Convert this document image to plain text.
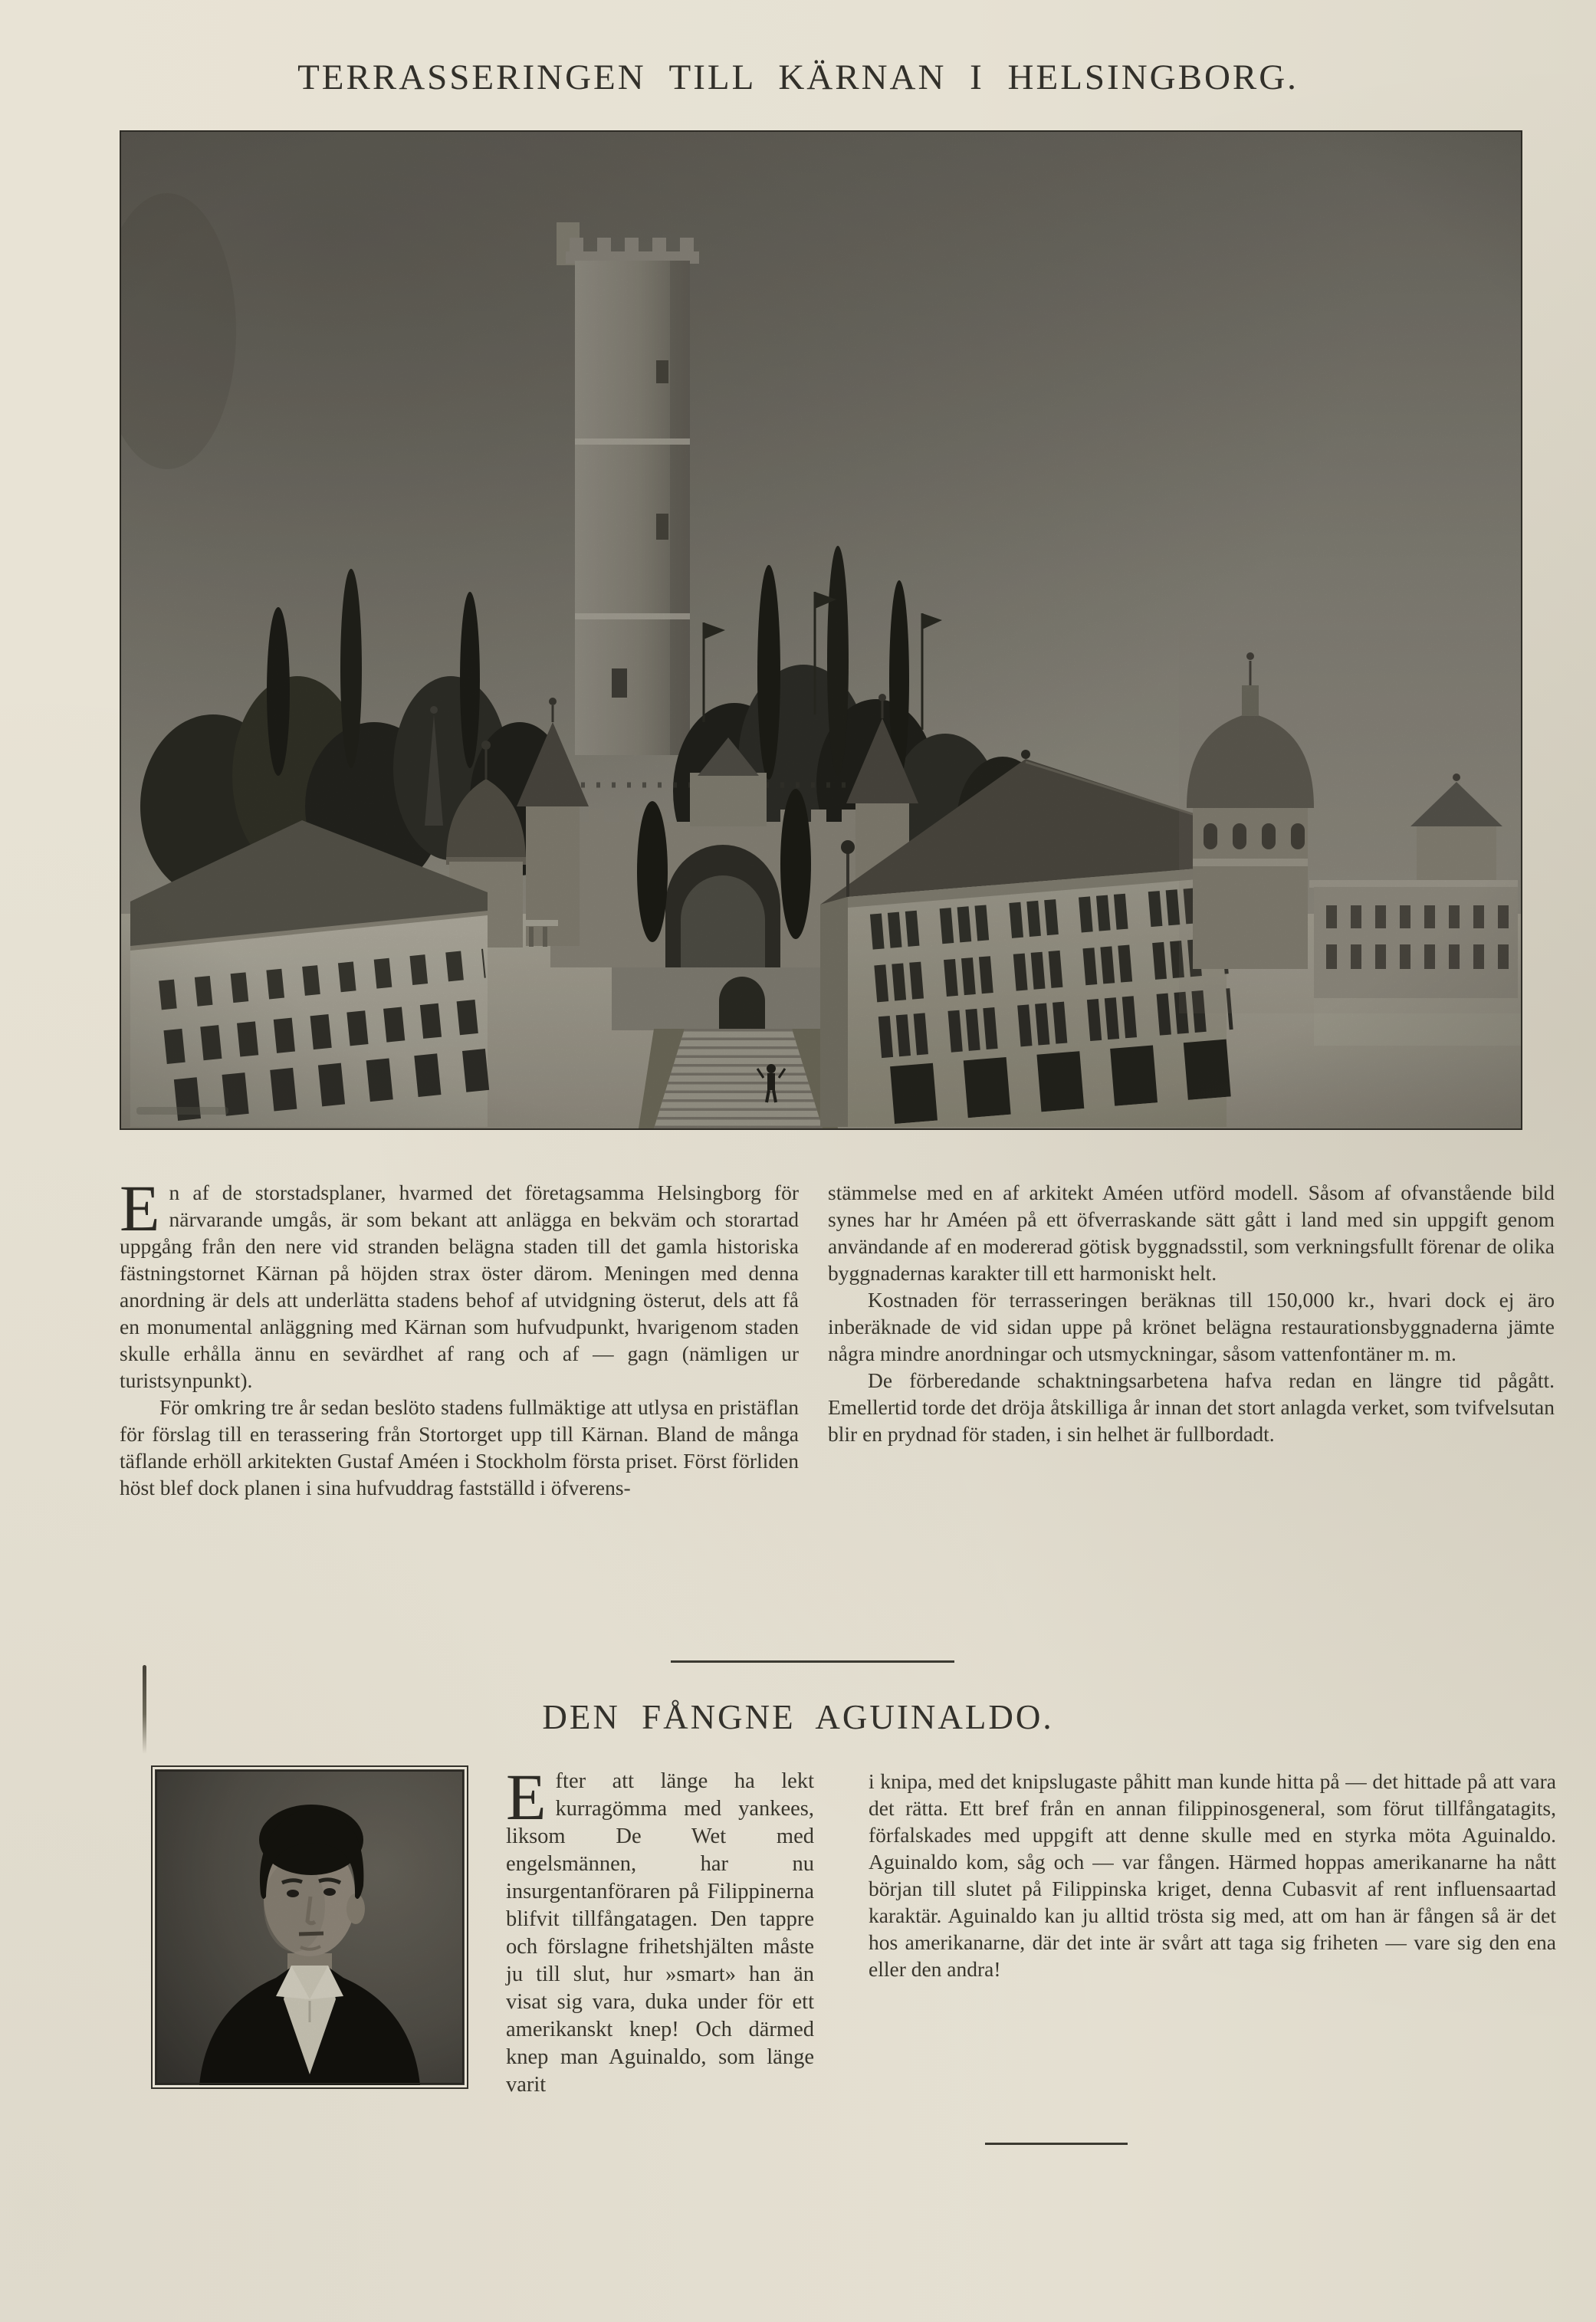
TERRASSERINGEN TILL KÄRNAN I HELSINGBORG.

En af de storstadsplaner, hvarmed det företagsamma Helsingborg för närvarande umgås, är som bekant att anlägga en bekväm och storartad uppgång från den nere vid stranden belägna staden till det gamla historiska fästningstornet Kärnan på höjden strax öster därom. Meningen med denna anordning är dels att underlätta stadens behof af utvidgning österut, dels att få en monumental anläggning med Kärnan som hufvudpunkt, hvarigenom staden skulle erhålla ännu en sevärdhet af rang och af — gagn (nämligen ur turistsynpunkt).

För omkring tre år sedan beslöto stadens fullmäktige att utlysa en pristäflan för förslag till en terassering från Stortorget upp till Kärnan. Bland de många täflande erhöll arkitekten Gustaf Améen i Stockholm första priset. Först förliden höst blef dock planen i sina hufvuddrag fastställd i öfverens-

stämmelse med en af arkitekt Améen utförd modell. Såsom af ofvanstående bild synes har hr Améen på ett öfverraskande sätt gått i land med sin uppgift genom användande af en modererad götisk byggnadsstil, som verkningsfullt förenar de olika byggnadernas karakter till ett harmoniskt helt.

Kostnaden för terrasseringen beräknas till 150,000 kr., hvari dock ej äro inberäknade de vid sidan uppe på krönet belägna restaurationsbyggnaderna jämte några mindre anordningar och utsmyckningar, såsom vattenfontäner m. m.

De förberedande schaktningsarbetena hafva redan en längre tid pågått. Emellertid torde det dröja åtskilliga år innan det stort anlagda verket, som tvifvelsutan blir en prydnad för staden, i sin helhet är fullbordadt.

DEN FÅNGNE AGUINALDO.

Efter att länge ha lekt kurragömma med yankees, liksom De Wet med engelsmännen, har nu insurgentanföraren på Filippinerna blifvit tillfångatagen. Den tappre och förslagne frihetshjälten måste ju till slut, hur »smart» han än visat sig vara, duka under för ett amerikanskt knep! Och därmed knep man Aguinaldo, som länge varit

i knipa, med det knipslugaste påhitt man kunde hitta på — det hittade på att vara det rätta. Ett bref från en annan filippinosgeneral, som förut tillfångatagits, förfalskades med uppgift att denne skulle med en styrka möta Aguinaldo. Aguinaldo kom, såg och — var fången. Härmed hoppas amerikanarne ha nått början till slutet på Filippinska kriget, denna Cubasvit af rent influensaartad karaktär. Aguinaldo kan ju alltid trösta sig med, att om han är fången så är det hos amerikanarne, där det inte är svårt att taga sig friheten — vare sig den ena eller den andra!
